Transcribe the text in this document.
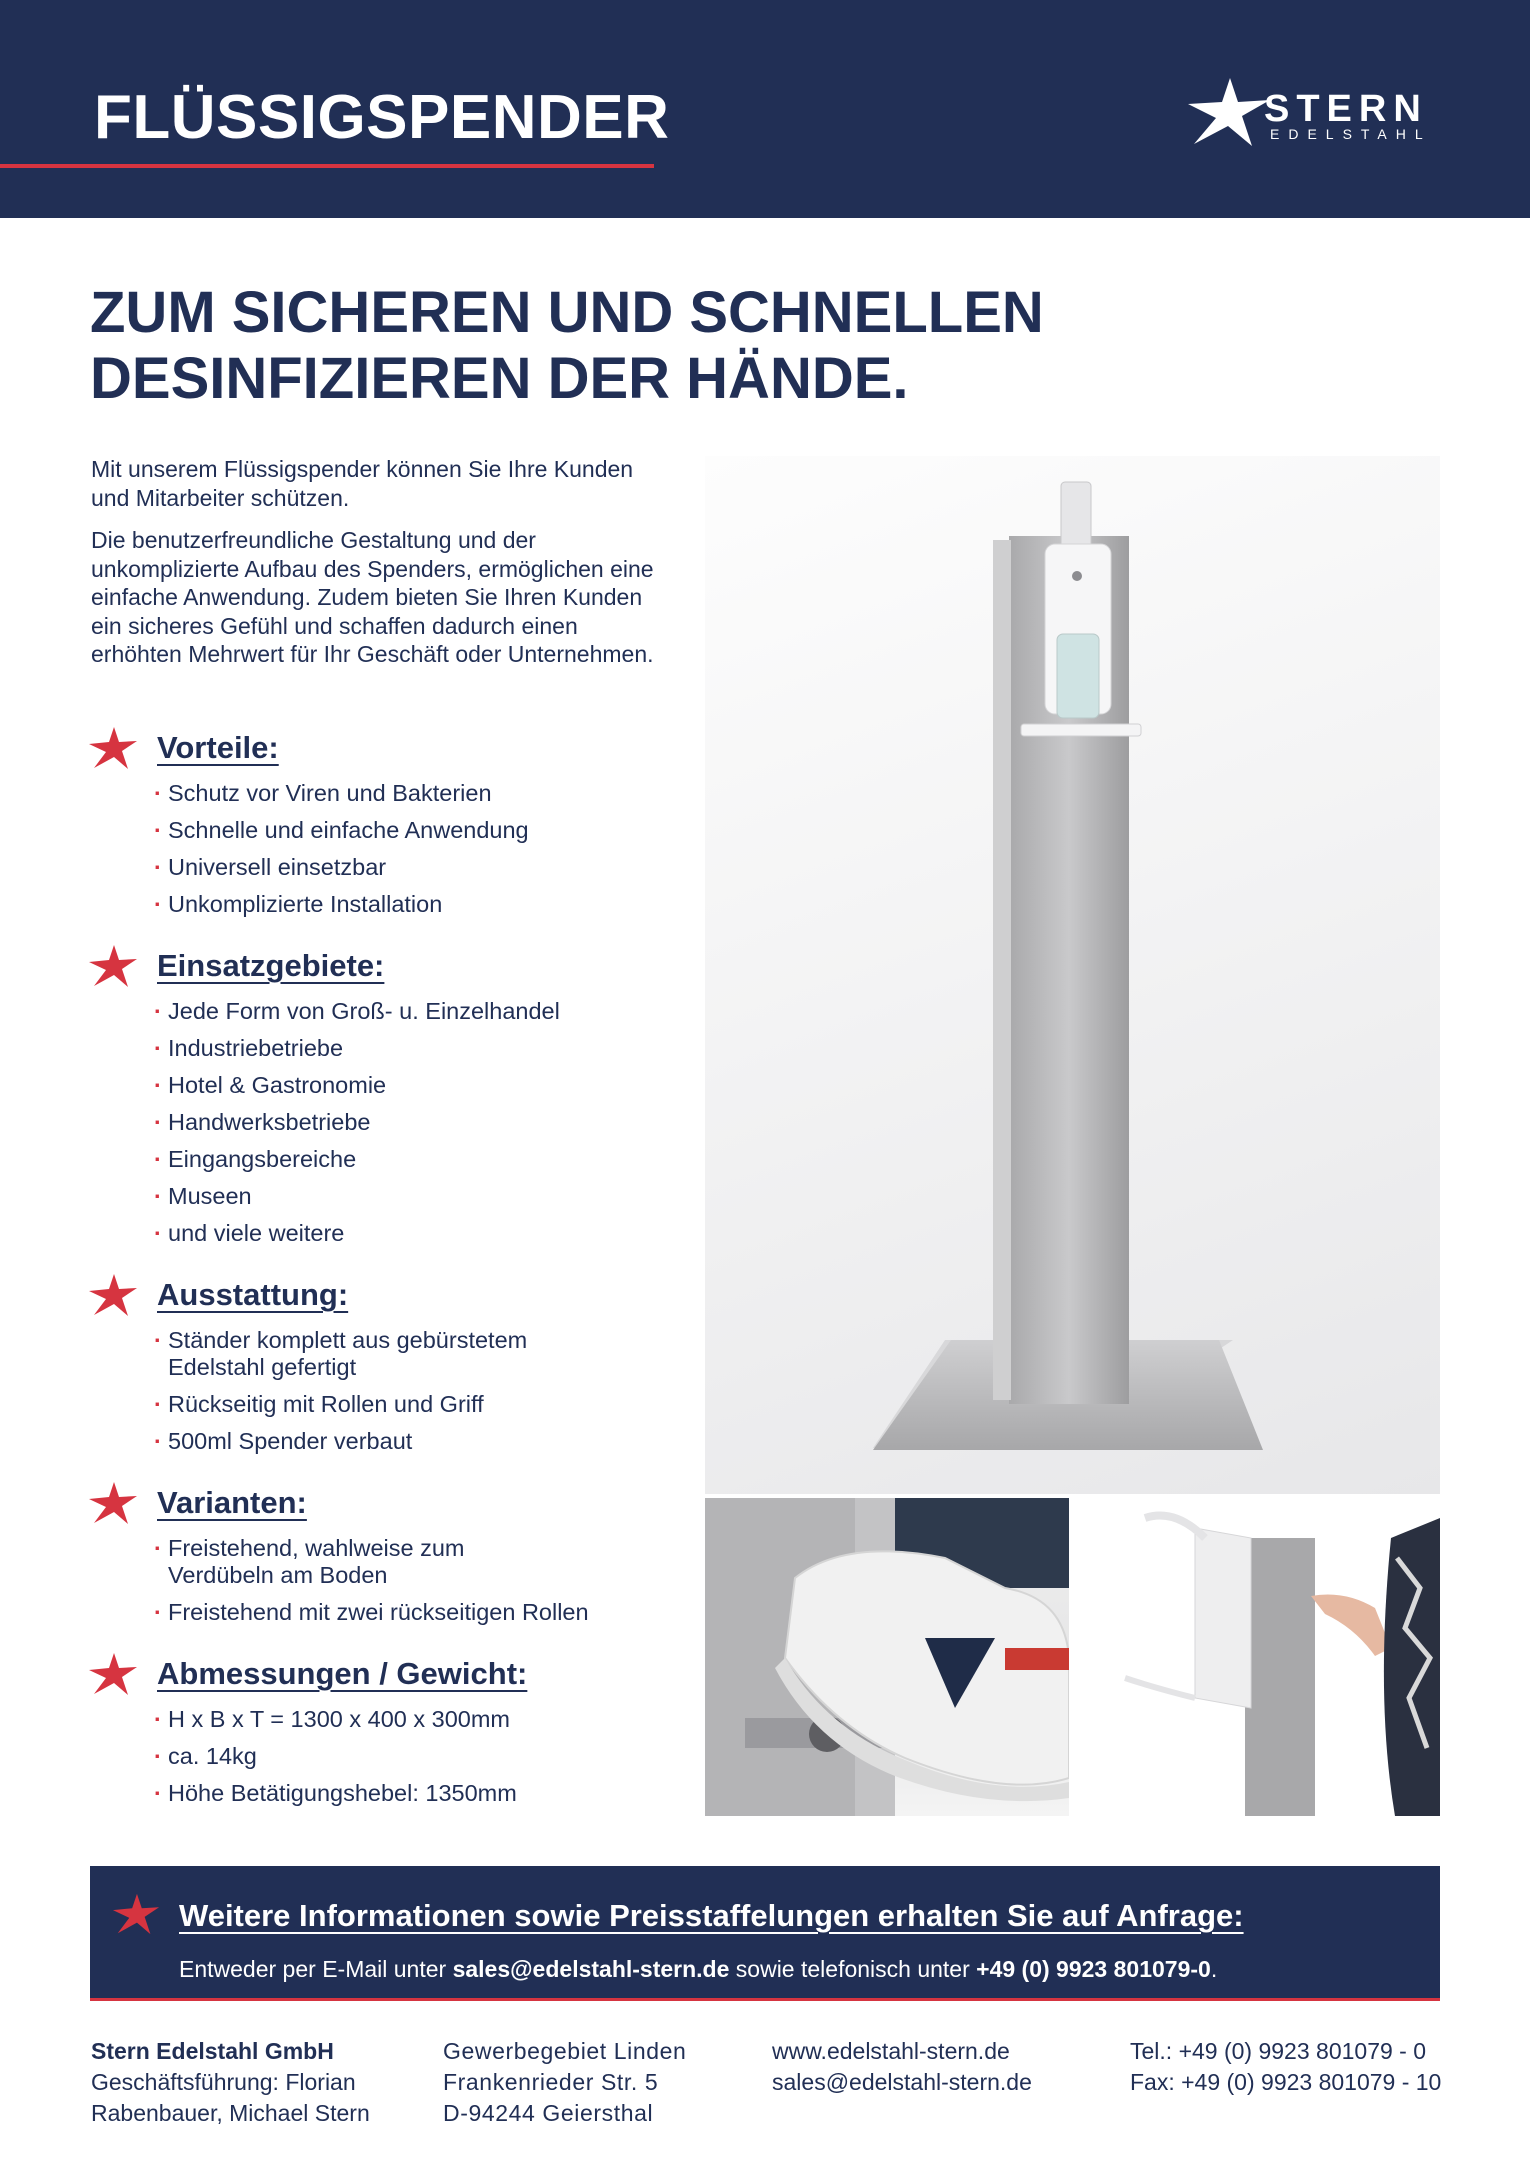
FLÜSSIGSPENDER	STERN
EDELSTAHL
ZUM SICHEREN UND SCHNELLEN
DESINFIZIEREN DER HÄNDE.

Mit unserem Flüssigspender können Sie Ihre Kunden und Mitarbeiter schützen.

Die benutzerfreundliche Gestaltung und der unkomplizierte Aufbau des Spenders, ermöglichen eine einfache Anwendung. Zudem bieten Sie Ihren Kunden ein sicheres Gefühl und schaffen dadurch einen erhöhten Mehrwert für Ihr Geschäft oder Unternehmen.

Vorteile:
· Schutz vor Viren und Bakterien
· Schnelle und einfache Anwendung
· Universell einsetzbar
· Unkomplizierte Installation
Einsatzgebiete:
· Jede Form von Groß- u. Einzelhandel
· Industriebetriebe
· Hotel & Gastronomie
· Handwerksbetriebe
· Eingangsbereiche
· Museen
· und viele weitere
Ausstattung:
· Ständer komplett aus gebürstetem Edelstahl gefertigt
· Rückseitig mit Rollen und Griff
· 500ml Spender verbaut
Varianten:
· Freistehend, wahlweise zum Verdübeln am Boden
· Freistehend mit zwei rückseitigen Rollen
Abmessungen / Gewicht:
· H x B x T = 1300 x 400 x 300mm
· ca. 14kg
· Höhe Betätigungshebel: 1350mm
Weitere Informationen sowie Preisstaffelungen erhalten Sie auf Anfrage:
Entweder per E-Mail unter sales@edelstahl-stern.de sowie telefonisch unter +49 (0) 9923 801079-0.
Stern Edelstahl GmbH
Geschäftsführung: Florian
Rabenbauer, Michael Stern
Gewerbegebiet Linden
Frankenrieder Str. 5
D-94244 Geiersthal
www.edelstahl-stern.de
sales@edelstahl-stern.de
Tel.: +49 (0) 9923 801079 - 0
Fax: +49 (0) 9923 801079 - 10
